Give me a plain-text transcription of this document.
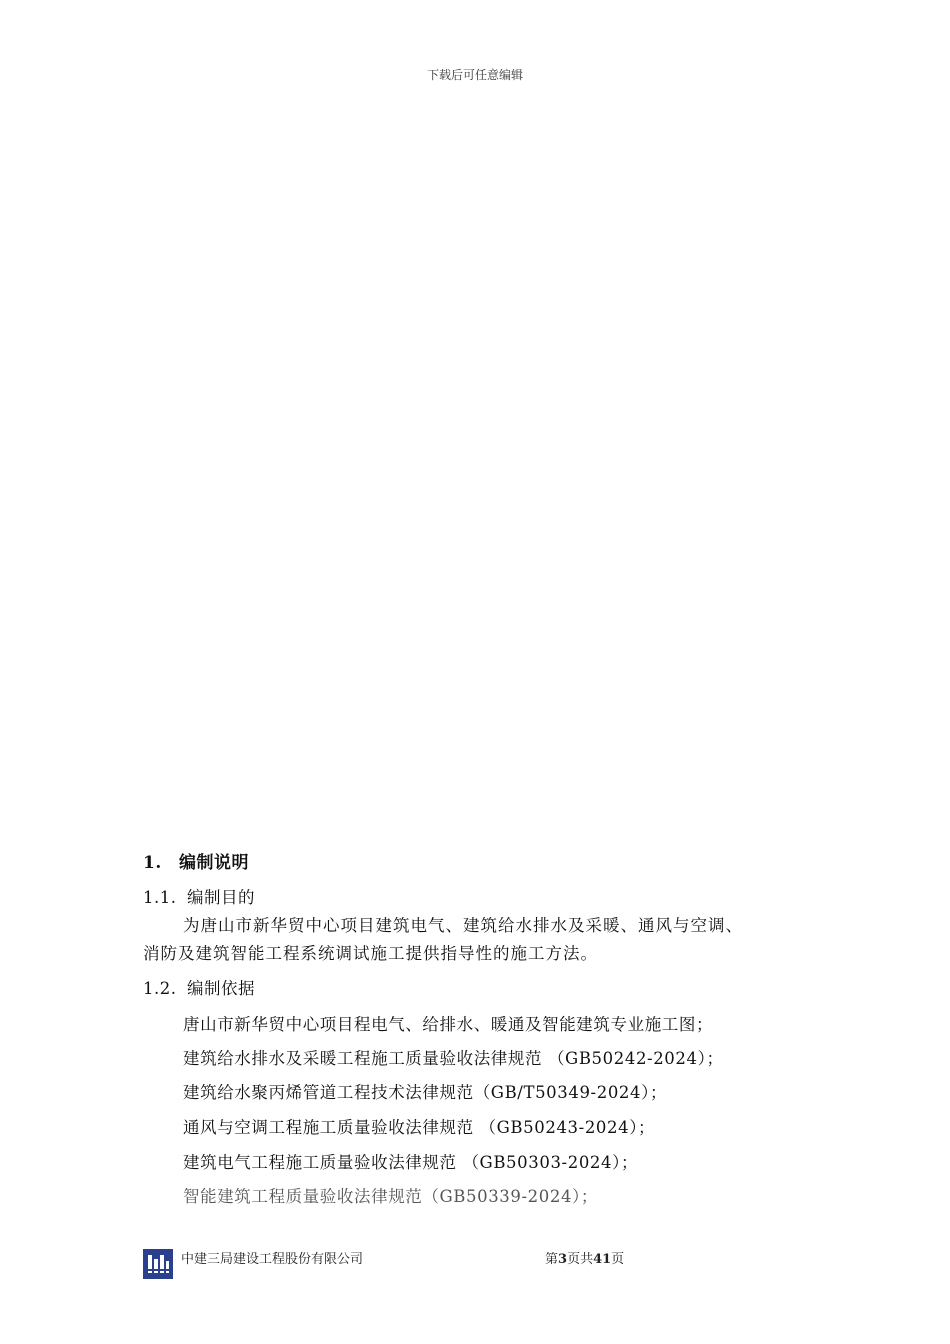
下载后可任意编辑
1. 编制说明
1.1. 编制目的
为唐山市新华贸中心项目建筑电气、建筑给水排水及采暖、通风与空调、
消防及建筑智能工程系统调试施工提供指导性的施工方法。
1.2. 编制依据
唐山市新华贸中心项目程电气、给排水、暖通及智能建筑专业施工图；
建筑给水排水及采暖工程施工质量验收法律规范 （GB50242-2024）；
建筑给水聚丙烯管道工程技术法律规范（GB/T50349-2024）；
通风与空调工程施工质量验收法律规范 （GB50243-2024）；
建筑电气工程施工质量验收法律规范 （GB50303-2024）；
智能建筑工程质量验收法律规范（GB50339-2024）；
中建三局建设工程股份有限公司	第3页共41页
